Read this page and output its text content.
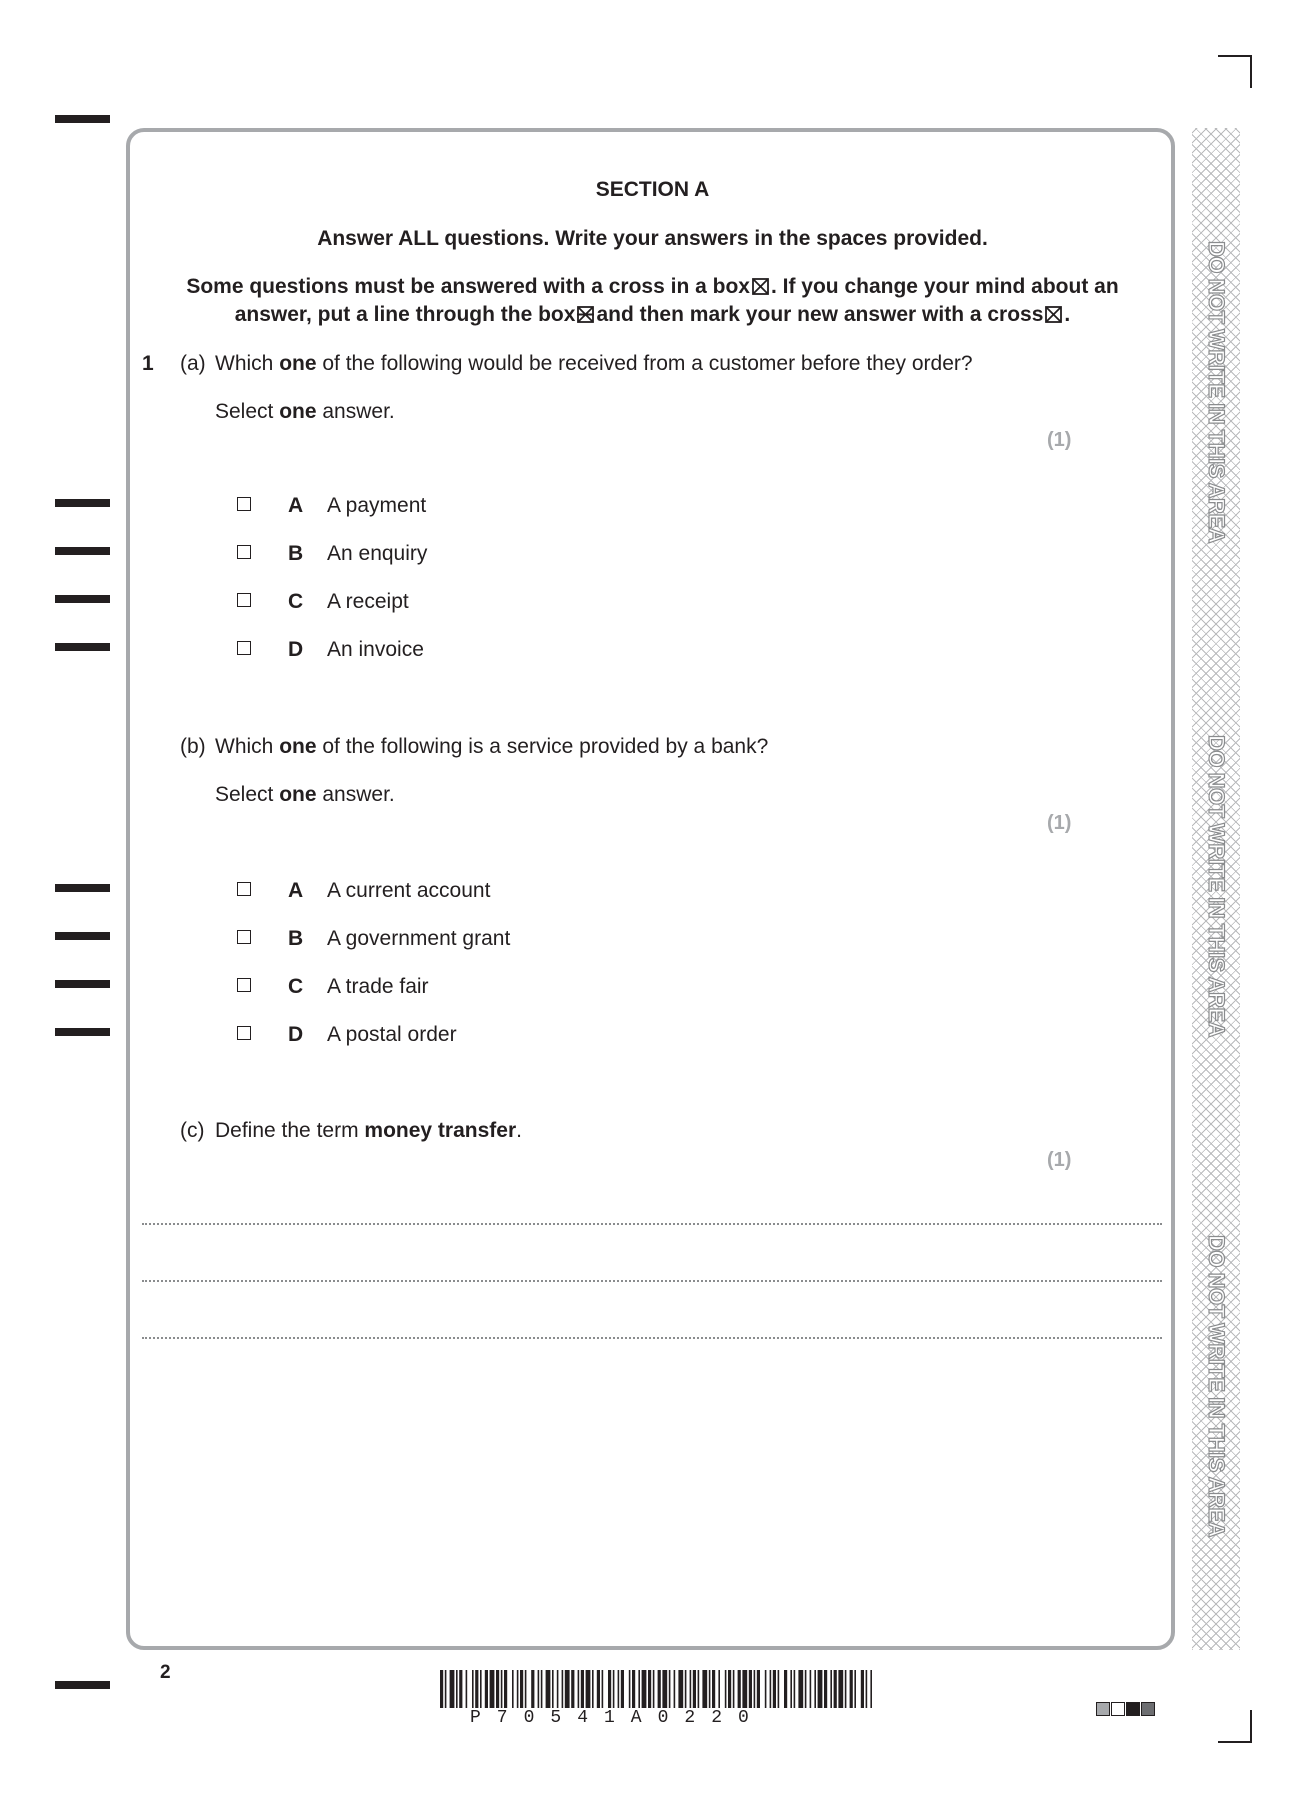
DO NOT WRITE IN THIS AREA
DO NOT WRITE IN THIS AREA
DO NOT WRITE IN THIS AREA
SECTION A
Answer ALL questions. Write your answers in the spaces provided.
Some questions must be answered with a cross in a box ☒ . If you change your mind about an
answer, put a line through the box and then mark your new answer with a cross ☒ .
1 (a) Which one of the following would be received from a customer before they order?
Select one answer.
(1)
A A payment
B An enquiry
C A receipt
D An invoice
(b) Which one of the following is a service provided by a bank?
Select one answer.
(1)
A A current account
B A government grant
C A trade fair
D A postal order
(c) Define the term money transfer.
(1)
2
P70541A0220
